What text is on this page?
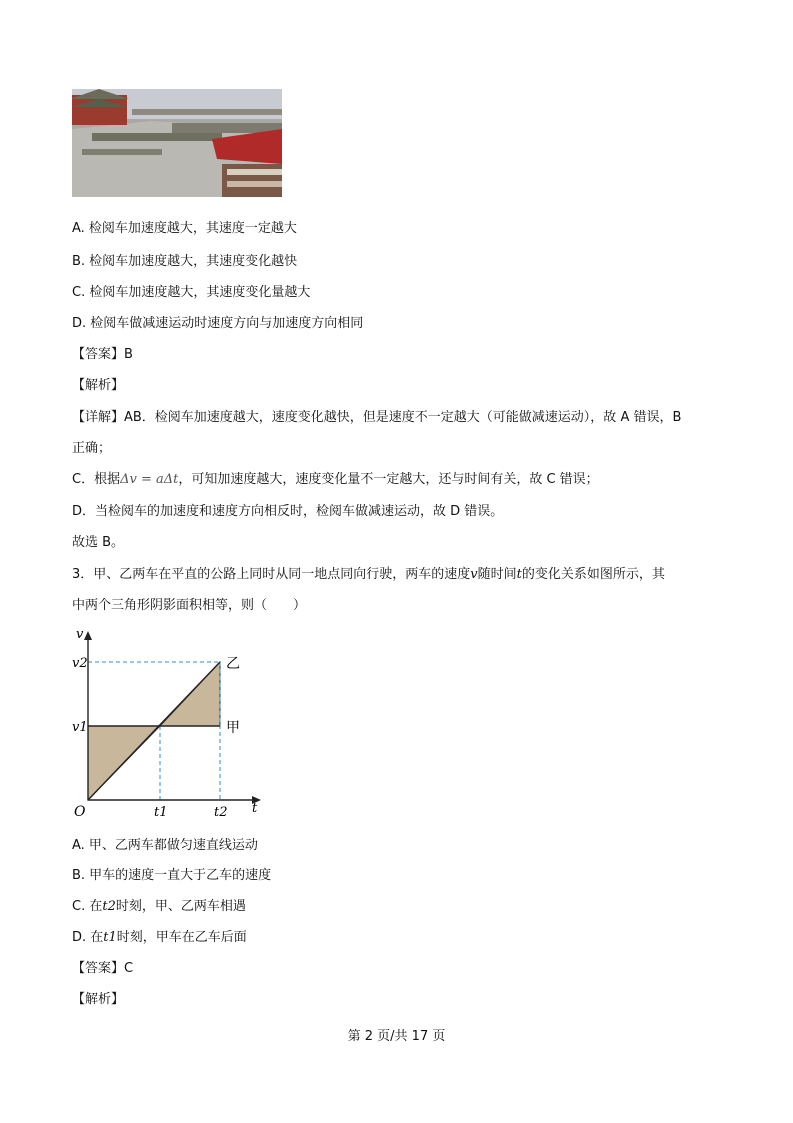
A. 检阅车加速度越大，其速度一定越大
B. 检阅车加速度越大，其速度变化越快
C. 检阅车加速度越大，其速度变化量越大
D. 检阅车做减速运动时速度方向与加速度方向相同
【答案】B
【解析】
【详解】AB．检阅车加速度越大，速度变化越快，但是速度不一定越大（可能做减速运动），故 A 错误，B
正确；
C．根据Δv = aΔt，可知加速度越大，速度变化量不一定越大，还与时间有关，故 C 错误；
D．当检阅车的加速度和速度方向相反时，检阅车做减速运动，故 D 错误。
故选 B。
3．甲、乙两车在平直的公路上同时从同一地点同向行驶，两车的速度v随时间t的变化关系如图所示，其
中两个三角形阴影面积相等，则（　　）
v
t
O
v2
v1
t1	t2
乙
甲
A. 甲、乙两车都做匀速直线运动
B. 甲车的速度一直大于乙车的速度
C. 在t2时刻，甲、乙两车相遇
D. 在t1时刻，甲车在乙车后面
【答案】C
【解析】
第 2 页/共 17 页
